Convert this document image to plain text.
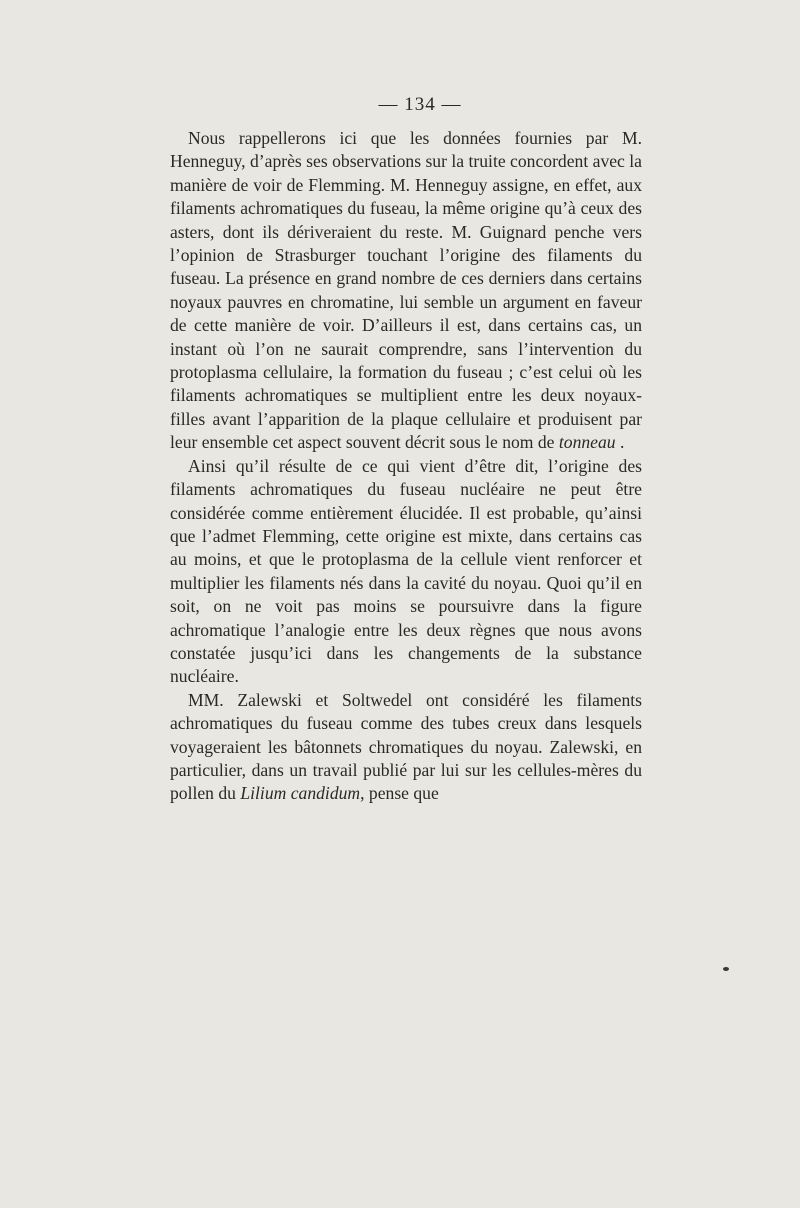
— 134 —

Nous rappellerons ici que les données fournies par M. Henneguy, d’après ses observations sur la truite concordent avec la manière de voir de Flemming. M. Henneguy assigne, en effet, aux filaments achromatiques du fuseau, la même origine qu’à ceux des asters, dont ils dériveraient du reste. M. Guignard penche vers l’opinion de Strasburger touchant l’origine des filaments du fuseau. La présence en grand nombre de ces derniers dans certains noyaux pauvres en chromatine, lui semble un argument en faveur de cette manière de voir. D’ailleurs il est, dans certains cas, un instant où l’on ne saurait comprendre, sans l’intervention du protoplasma cellulaire, la formation du fuseau ; c’est celui où les filaments achromatiques se multiplient entre les deux noyaux-filles avant l’apparition de la plaque cellulaire et produisent par leur ensemble cet aspect souvent décrit sous le nom de tonneau .

Ainsi qu’il résulte de ce qui vient d’être dit, l’origine des filaments achromatiques du fuseau nucléaire ne peut être considérée comme entièrement élucidée. Il est probable, qu’ainsi que l’admet Flemming, cette origine est mixte, dans certains cas au moins, et que le protoplasma de la cellule vient renforcer et multiplier les filaments nés dans la cavité du noyau. Quoi qu’il en soit, on ne voit pas moins se poursuivre dans la figure achromatique l’analogie entre les deux règnes que nous avons constatée jusqu’ici dans les changements de la substance nucléaire.

MM. Zalewski et Soltwedel ont considéré les filaments achromatiques du fuseau comme des tubes creux dans lesquels voyageraient les bâtonnets chromatiques du noyau. Zalewski, en particulier, dans un travail publié par lui sur les cellules-mères du pollen du Lilium candidum, pense que
